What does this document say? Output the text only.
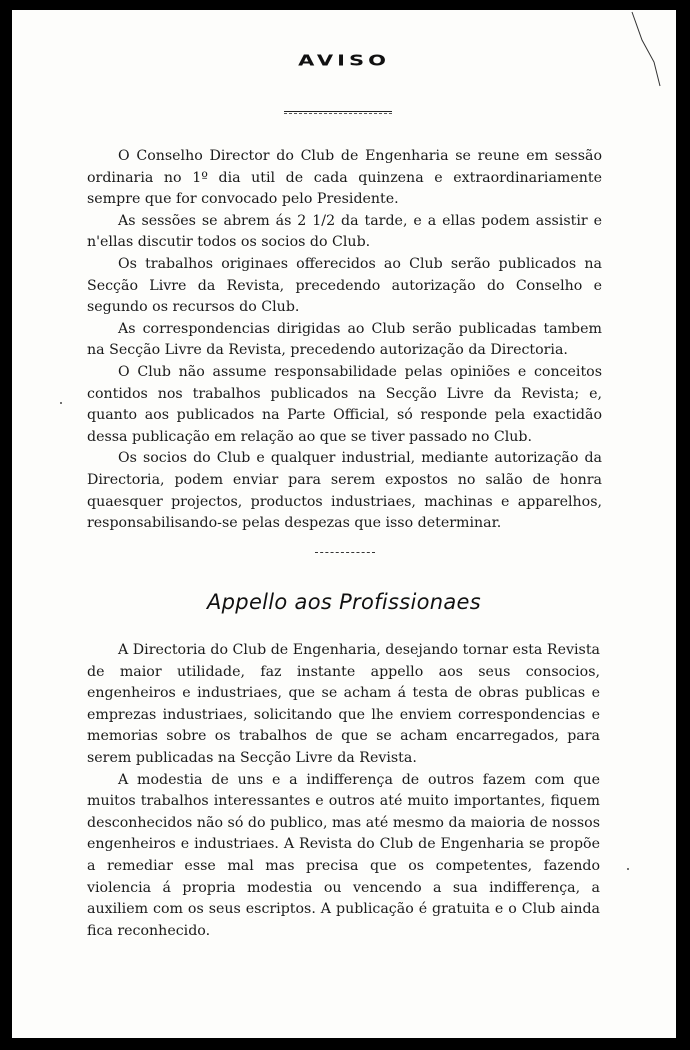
AVISO

O Conselho Director do Club de Engenharia se reune em sessão ordinaria no 1º dia util de cada quinzena e extraordinariamente sempre que for convocado pelo Presidente.

As sessões se abrem ás 2 1/2 da tarde, e a ellas podem assistir e n'ellas discutir todos os socios do Club.

Os trabalhos originaes offerecidos ao Club serão publicados na Secção Livre da Revista, precedendo autorização do Conselho e segundo os recursos do Club.

As correspondencias dirigidas ao Club serão publicadas tambem na Secção Livre da Revista, precedendo autorização da Directoria.

O Club não assume responsabilidade pelas opiniões e conceitos contidos nos trabalhos publicados na Secção Livre da Revista; e, quanto aos publicados na Parte Official, só responde pela exactidão dessa publicação em relação ao que se tiver passado no Club.

Os socios do Club e qualquer industrial, mediante autorização da Directoria, podem enviar para serem expostos no salão de honra quaesquer projectos, productos industriaes, machinas e apparelhos, responsabilisando-se pelas despezas que isso determinar.

Appello aos Profissionaes

A Directoria do Club de Engenharia, desejando tornar esta Revista de maior utilidade, faz instante appello aos seus consocios, engenheiros e industriaes, que se acham á testa de obras publicas e emprezas industriaes, solicitando que lhe enviem correspondencias e memorias sobre os trabalhos de que se acham encarregados, para serem publicadas na Secção Livre da Revista.

A modestia de uns e a indifferença de outros fazem com que muitos trabalhos interessantes e outros até muito importantes, fiquem desconhecidos não só do publico, mas até mesmo da maioria de nossos engenheiros e industriaes. A Revista do Club de Engenharia se propõe a remediar esse mal mas precisa que os competentes, fazendo violencia á propria modestia ou vencendo a sua indifferença, a auxiliem com os seus escriptos. A publicação é gratuita e o Club ainda fica reconhecido.
